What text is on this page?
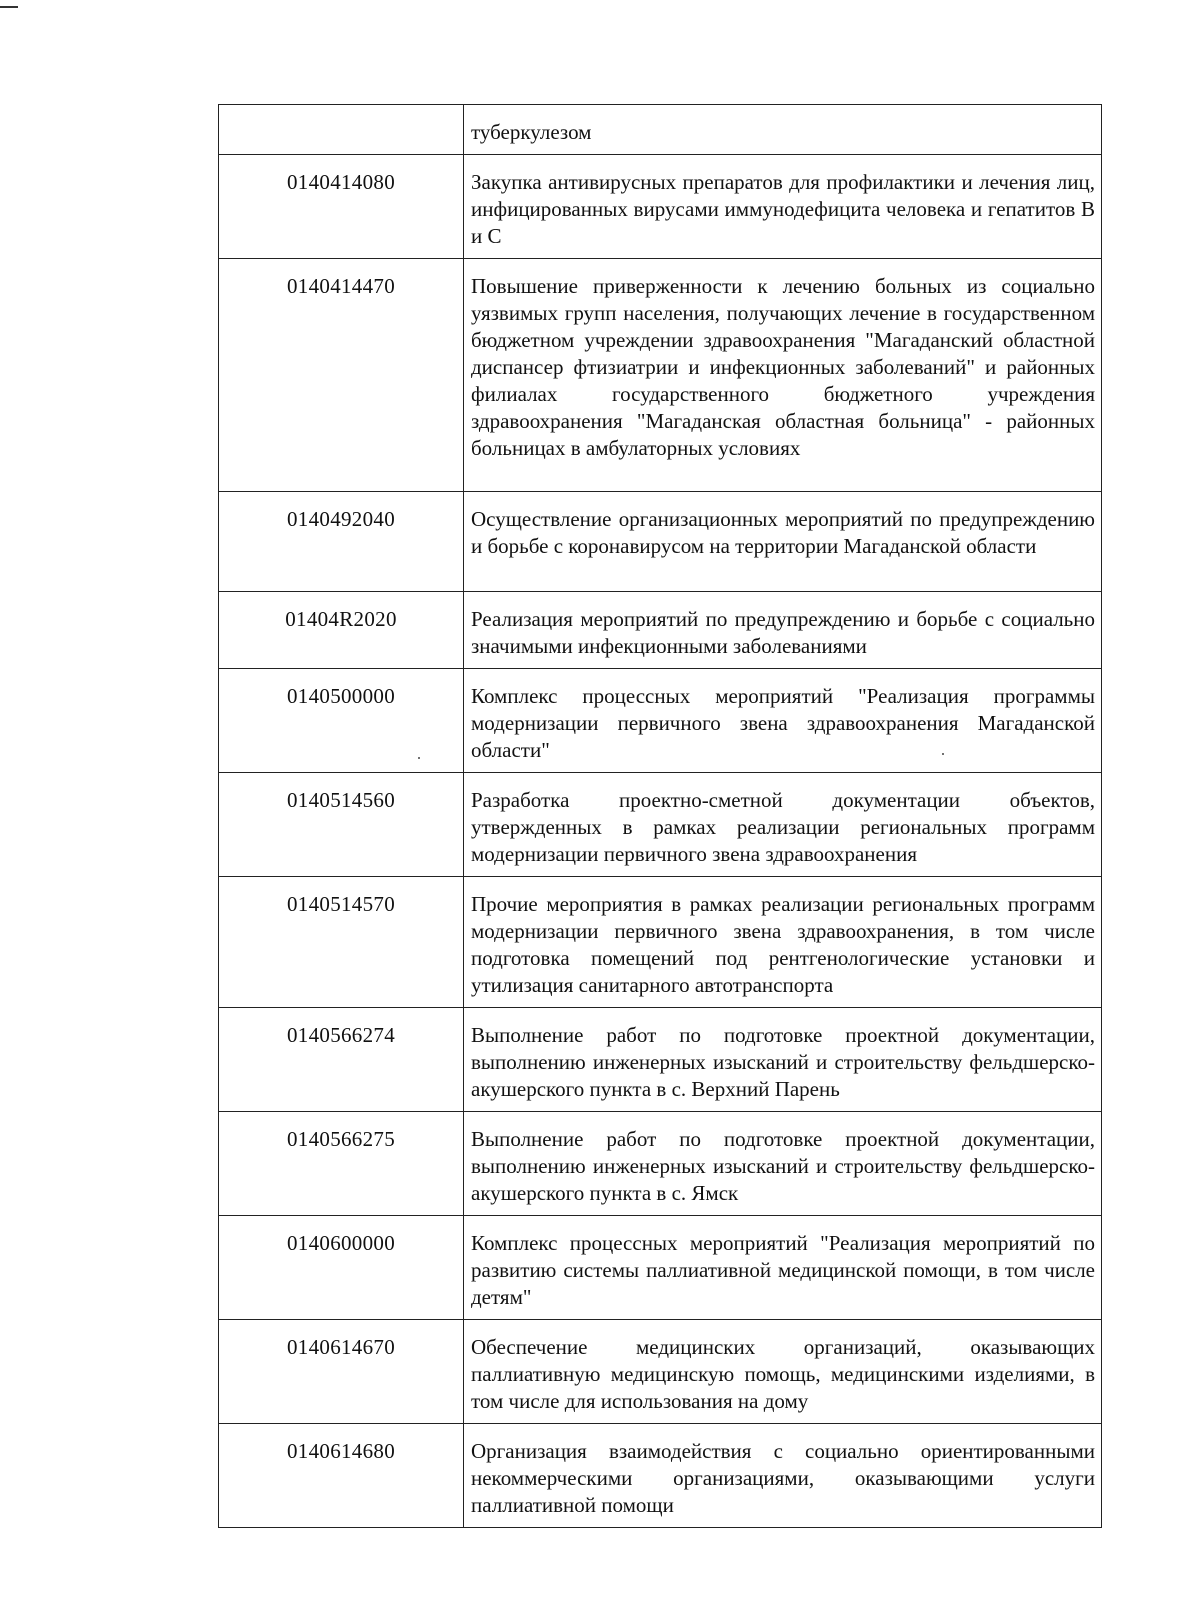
	туберкулезом
0140414080	Закупка антивирусных препаратов для профилактики и лечения лиц, инфицированных вирусами иммунодефицита человека и гепатитов В и С
0140414470	Повышение приверженности к лечению больных из социально уязвимых групп населения, получающих лечение в государственном бюджетном учреждении здравоохранения "Магаданский областной диспансер фтизиатрии и инфекционных заболеваний" и районных филиалах государственного бюджетного учреждения здравоохранения "Магаданская областная больница" - районных больницах в амбулаторных условиях
0140492040	Осуществление организационных мероприятий по предупреждению и борьбе с коронавирусом на территории Магаданской области
01404R2020	Реализация мероприятий по предупреждению и борьбе с социально значимыми инфекционными заболеваниями
0140500000	Комплекс процессных мероприятий "Реализация программы модернизации первичного звена здравоохранения Магаданской области"
0140514560	Разработка проектно-сметной документации объектов, утвержденных в рамках реализации региональных программ модернизации первичного звена здравоохранения
0140514570	Прочие мероприятия в рамках реализации региональных программ модернизации первичного звена здравоохранения, в том числе подготовка помещений под рентгенологические установки и утилизация санитарного автотранспорта
0140566274	Выполнение работ по подготовке проектной документации, выполнению инженерных изысканий и строительству фельдшерско-акушерского пункта в с. Верхний Парень
0140566275	Выполнение работ по подготовке проектной документации, выполнению инженерных изысканий и строительству фельдшерско-акушерского пункта в с. Ямск
0140600000	Комплекс процессных мероприятий "Реализация мероприятий по развитию системы паллиативной медицинской помощи, в том числе детям"
0140614670	Обеспечение медицинских организаций, оказывающих паллиативную медицинскую помощь, медицинскими изделиями, в том числе для использования на дому
0140614680	Организация взаимодействия с социально ориентированными некоммерческими организациями, оказывающими услуги паллиативной помощи
